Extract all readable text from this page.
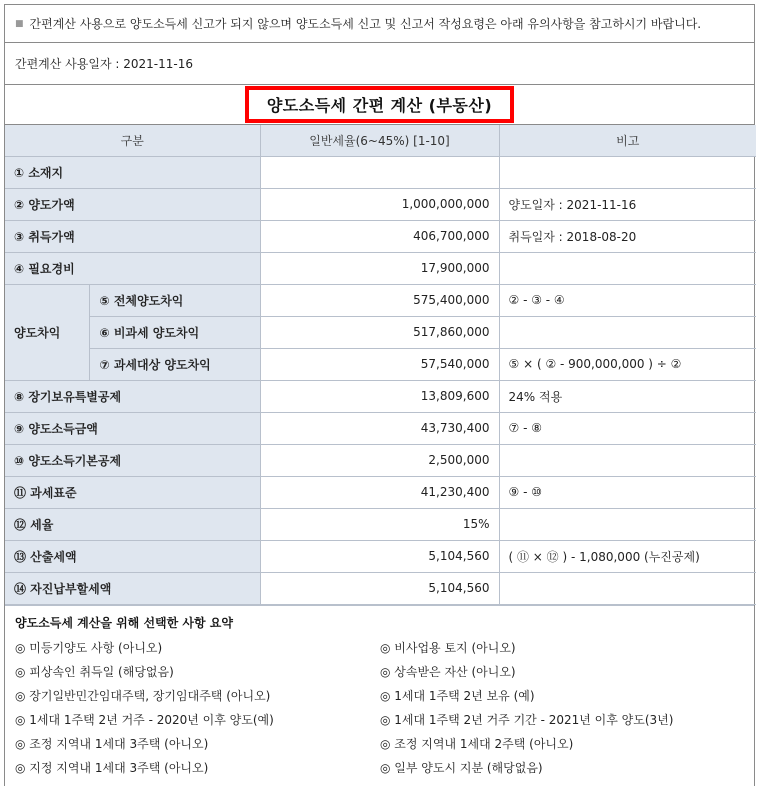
■ 간편계산 사용으로 양도소득세 신고가 되지 않으며 양도소득세 신고 및 신고서 작성요령은 아래 유의사항을 참고하시기 바랍니다.
간편계산 사용일자 : 2021-11-16
양도소득세 간편 계산 (부동산)
구분		일반세율(6~45%) [1-10]	비고
① 소재지			
② 양도가액		1,000,000,000	양도일자 : 2021-11-16
③ 취득가액		406,700,000	취득일자 : 2018-08-20
④ 필요경비		17,900,000	
양도차익	⑤ 전체양도차익	575,400,000	② - ③ - ④
	⑥ 비과세 양도차익	517,860,000	
	⑦ 과세대상 양도차익	57,540,000	⑤ × ( ② - 900,000,000 ) ÷ ②
⑧ 장기보유특별공제		13,809,600	24% 적용
⑨ 양도소득금액		43,730,400	⑦ - ⑧
⑩ 양도소득기본공제		2,500,000	
⑪ 과세표준		41,230,400	⑨ - ⑩
⑫ 세율		15%	
⑬ 산출세액		5,104,560	( ⑪ × ⑫ ) - 1,080,000 (누진공제)
⑭ 자진납부할세액		5,104,560	
양도소득세 계산을 위해 선택한 사항 요약
◎ 미등기양도 사항 (아니오)	◎ 비사업용 토지 (아니오)
◎ 피상속인 취득일 (해당없음)	◎ 상속받은 자산 (아니오)
◎ 장기일반민간임대주택, 장기임대주택 (아니오)	◎ 1세대 1주택 2년 보유 (예)
◎ 1세대 1주택 2년 거주 - 2020년 이후 양도(예)	◎ 1세대 1주택 2년 거주 기간 - 2021년 이후 양도(3년)
◎ 조정 지역내 1세대 3주택 (아니오)	◎ 조정 지역내 1세대 2주택 (아니오)
◎ 지정 지역내 1세대 3주택 (아니오)	◎ 일부 양도시 지분 (해당없음)
